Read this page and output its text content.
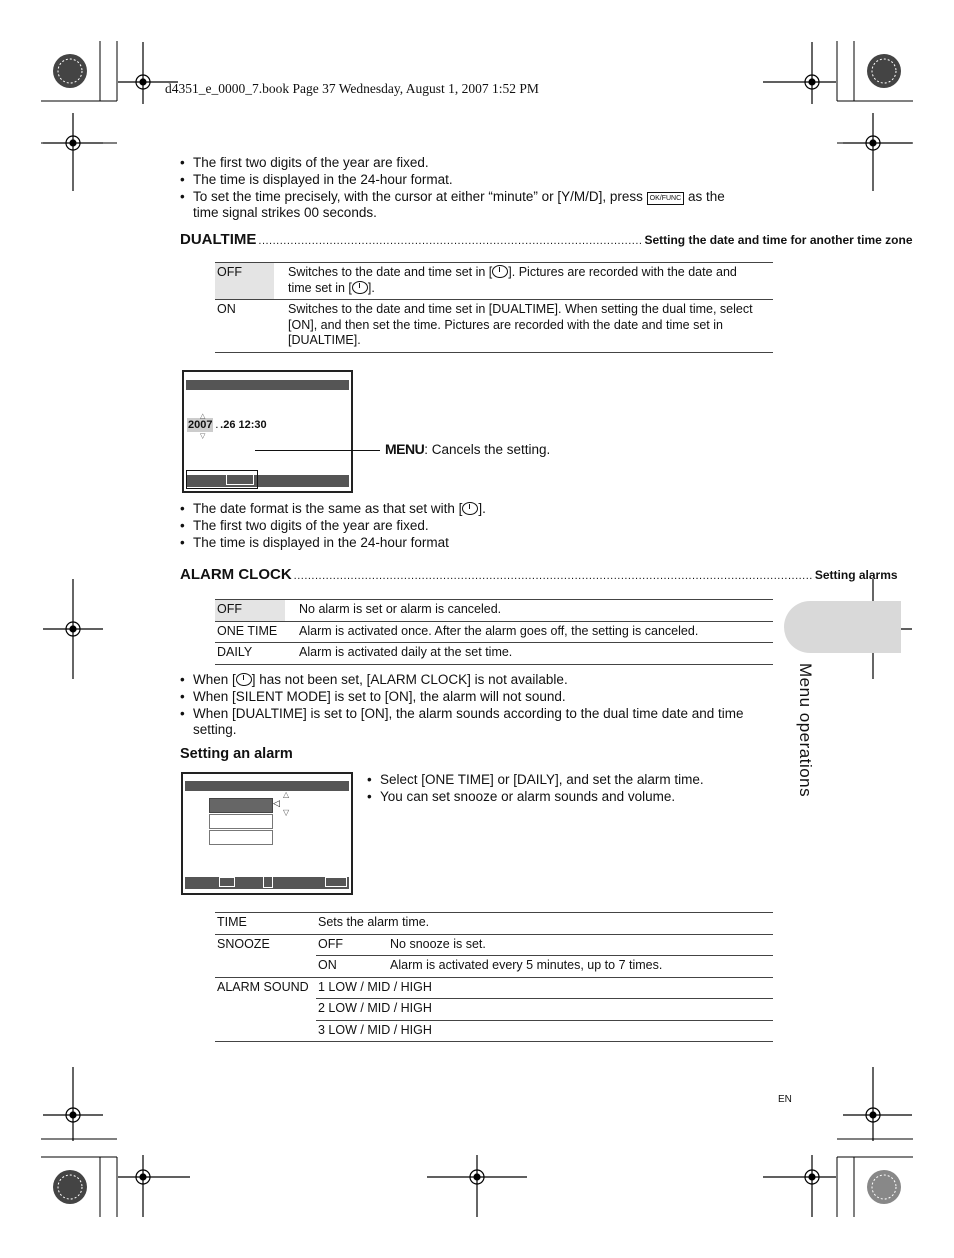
d4351_e_0000_7.book Page 37 Wednesday, August 1, 2007 1:52 PM
• The first two digits of the year are fixed.
• The time is displayed in the 24-hour format.
• To set the time precisely, with the cursor at either “minute” or [Y/M/D], press OK/FUNC as the
time signal strikes 00 seconds.
DUALTIME ............................................................................................................ Setting the date and time for another time zone
OFF	Switches to the date and time set in [ ]. Pictures are recorded with the date and
time set in [ ].
ON	Switches to the date and time set in [DUALTIME]. When setting the dual time, select [ON], and then set the time. Pictures are recorded with the date and time set in [DUALTIME].
2007 . .26 12:30
△
▽
MENU: Cancels the setting.
• The date format is the same as that set with [ ].
• The first two digits of the year are fixed.
• The time is displayed in the 24-hour format
ALARM CLOCK .................................................................................................................................................. Setting alarms
OFF	No alarm is set or alarm is canceled.
ONE TIME	Alarm is activated once. After the alarm goes off, the setting is canceled.
DAILY	Alarm is activated daily at the set time.
Menu operations
• When [ ] has not been set, [ALARM CLOCK] is not available.
• When [SILENT MODE] is set to [ON], the alarm will not sound.
• When [DUALTIME] is set to [ON], the alarm sounds according to the dual time date and time setting.
Setting an alarm
◁
△
▽
• Select [ONE TIME] or [DAILY], and set the alarm time.
• You can set snooze or alarm sounds and volume.
TIME	Sets the alarm time.	
SNOOZE	OFF	No snooze is set.
	ON	Alarm is activated every 5 minutes, up to 7 times.
ALARM SOUND	1 LOW / MID / HIGH	
	2 LOW / MID / HIGH	
	3 LOW / MID / HIGH	
EN
